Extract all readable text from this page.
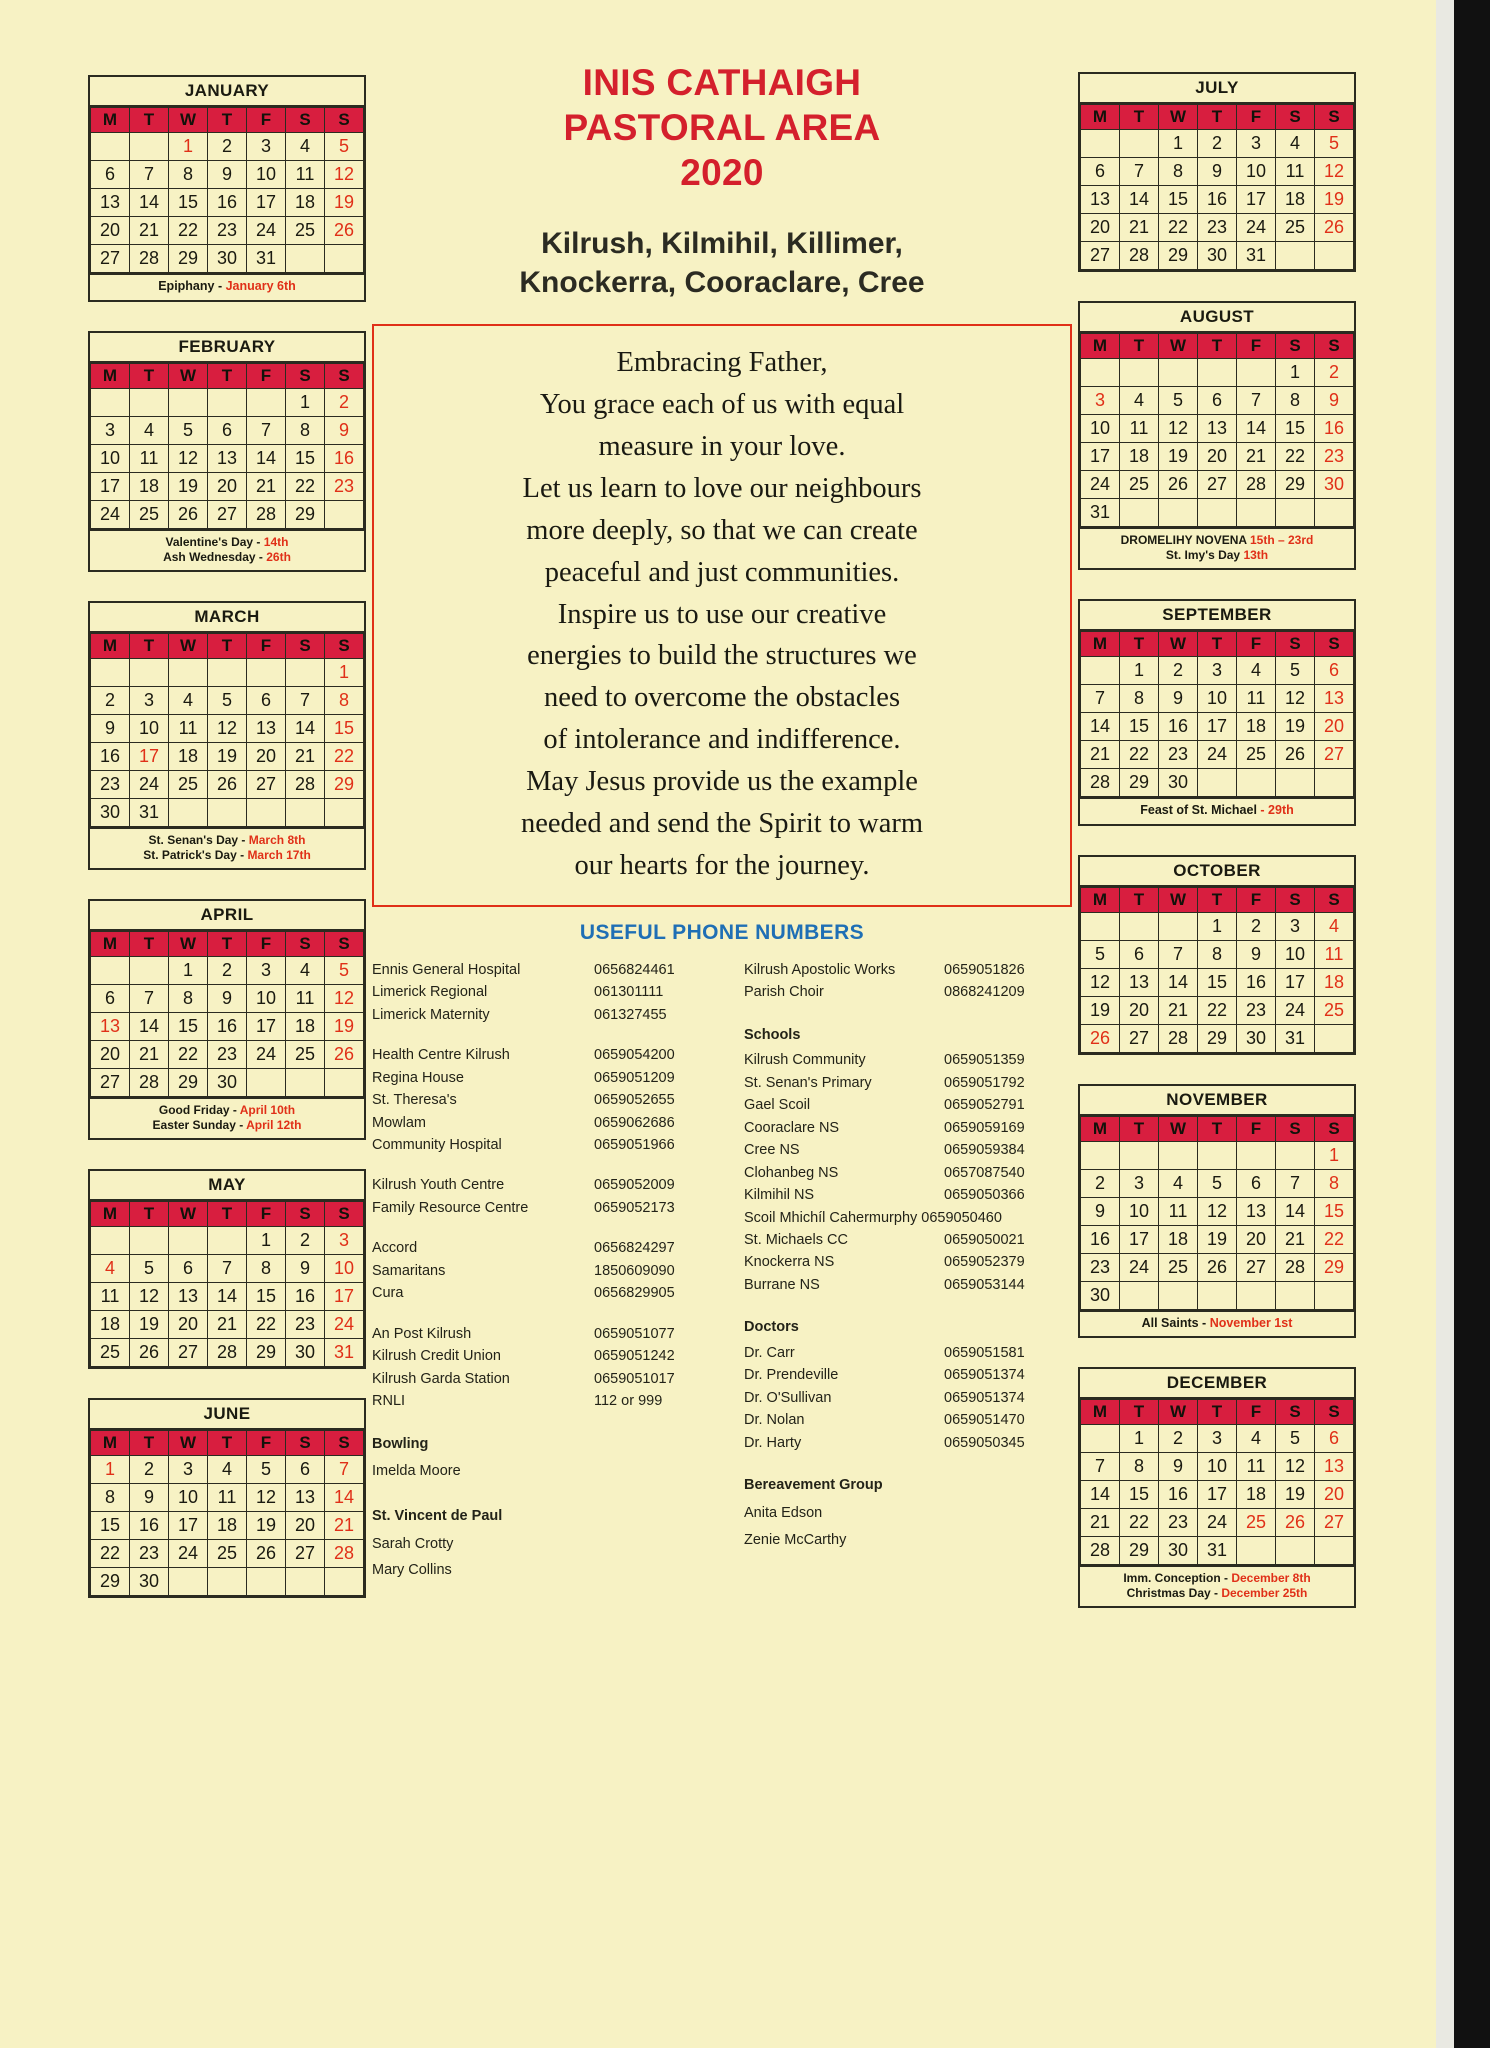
JANUARY
M	T	W	T	F	S	S
		1	2	3	4	5
6	7	8	9	10	11	12
13	14	15	16	17	18	19
20	21	22	23	24	25	26
27	28	29	30	31		
Epiphany - January 6th
FEBRUARY
M	T	W	T	F	S	S
					1	2
3	4	5	6	7	8	9
10	11	12	13	14	15	16
17	18	19	20	21	22	23
24	25	26	27	28	29	
Valentine's Day - 14th
Ash Wednesday - 26th
MARCH
M	T	W	T	F	S	S
						1
2	3	4	5	6	7	8
9	10	11	12	13	14	15
16	17	18	19	20	21	22
23	24	25	26	27	28	29
30	31					
St. Senan's Day - March 8th
St. Patrick's Day - March 17th
APRIL
M	T	W	T	F	S	S
		1	2	3	4	5
6	7	8	9	10	11	12
13	14	15	16	17	18	19
20	21	22	23	24	25	26
27	28	29	30			
Good Friday - April 10th
Easter Sunday - April 12th
MAY
M	T	W	T	F	S	S
				1	2	3
4	5	6	7	8	9	10
11	12	13	14	15	16	17
18	19	20	21	22	23	24
25	26	27	28	29	30	31
JUNE
M	T	W	T	F	S	S
1	2	3	4	5	6	7
8	9	10	11	12	13	14
15	16	17	18	19	20	21
22	23	24	25	26	27	28
29	30					
INIS CATHAIGH
PASTORAL AREA
2020
Kilrush, Kilmihil, Killimer,
Knockerra, Cooraclare, Cree

Embracing Father,
You grace each of us with equal
measure in your love.
Let us learn to love our neighbours
more deeply, so that we can create
peaceful and just communities.
Inspire us to use our creative
energies to build the structures we
need to overcome the obstacles
of intolerance and indifference.
May Jesus provide us the example
needed and send the Spirit to warm
our hearts for the journey.

USEFUL PHONE NUMBERS
Ennis General Hospital	0656824461
Limerick Regional	061301111
Limerick Maternity	061327455
Health Centre Kilrush	0659054200
Regina House	0659051209
St. Theresa's	0659052655
Mowlam	0659062686
Community Hospital	0659051966
Kilrush Youth Centre	0659052009
Family Resource Centre	0659052173
Accord	0656824297
Samaritans	1850609090
Cura	0656829905
An Post Kilrush	0659051077
Kilrush Credit Union	0659051242
Kilrush Garda Station	0659051017
RNLI	112 or 999
Bowling
Imelda Moore
St. Vincent de Paul
Sarah Crotty
Mary Collins
Kilrush Apostolic Works	0659051826
Parish Choir	0868241209
Schools
Kilrush Community	0659051359
St. Senan's Primary	0659051792
Gael Scoil	0659052791
Cooraclare NS	0659059169
Cree NS	0659059384
Clohanbeg NS	0657087540
Kilmihil NS	0659050366
Scoil Mhichíl Cahermurphy 0659050460
St. Michaels CC	0659050021
Knockerra NS	0659052379
Burrane NS	0659053144
Doctors
Dr. Carr	0659051581
Dr. Prendeville	0659051374
Dr. O'Sullivan	0659051374
Dr. Nolan	0659051470
Dr. Harty	0659050345
Bereavement Group
Anita Edson
Zenie McCarthy
JULY
M	T	W	T	F	S	S
		1	2	3	4	5
6	7	8	9	10	11	12
13	14	15	16	17	18	19
20	21	22	23	24	25	26
27	28	29	30	31		
AUGUST
M	T	W	T	F	S	S
					1	2
3	4	5	6	7	8	9
10	11	12	13	14	15	16
17	18	19	20	21	22	23
24	25	26	27	28	29	30
31						
DROMELIHY NOVENA 15th – 23rd
St. Imy's Day 13th
SEPTEMBER
M	T	W	T	F	S	S
	1	2	3	4	5	6
7	8	9	10	11	12	13
14	15	16	17	18	19	20
21	22	23	24	25	26	27
28	29	30				
Feast of St. Michael - 29th
OCTOBER
M	T	W	T	F	S	S
			1	2	3	4
5	6	7	8	9	10	11
12	13	14	15	16	17	18
19	20	21	22	23	24	25
26	27	28	29	30	31	
NOVEMBER
M	T	W	T	F	S	S
						1
2	3	4	5	6	7	8
9	10	11	12	13	14	15
16	17	18	19	20	21	22
23	24	25	26	27	28	29
30						
All Saints - November 1st
DECEMBER
M	T	W	T	F	S	S
	1	2	3	4	5	6
7	8	9	10	11	12	13
14	15	16	17	18	19	20
21	22	23	24	25	26	27
28	29	30	31			
Imm. Conception - December 8th
Christmas Day - December 25th
